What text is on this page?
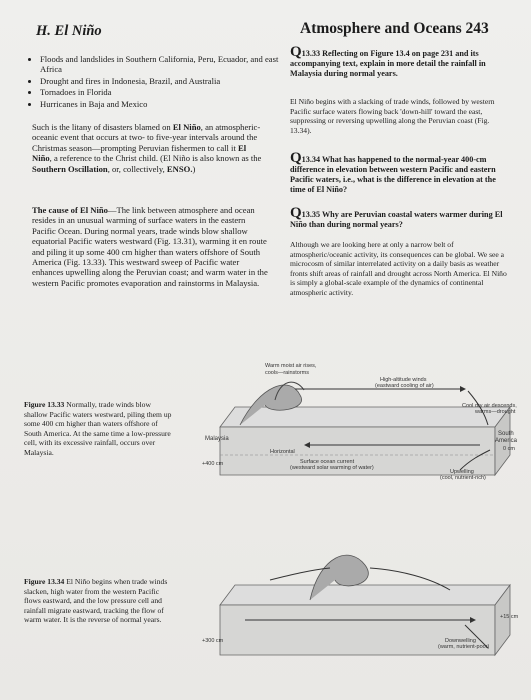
Atmosphere and Oceans 243
H. El Niño
• Floods and landslides in Southern California, Peru, Ecuador, and east Africa
• Drought and fires in Indonesia, Brazil, and Australia
• Tornadoes in Florida
• Hurricanes in Baja and Mexico
Such is the litany of disasters blamed on El Niño, an atmospheric-oceanic event that occurs at two- to five-year intervals around the Christmas season—prompting Peruvian fishermen to call it El Niño, a reference to the Christ child. (El Niño is also known as the Southern Oscillation, or, collectively, ENSO.)
The cause of El Niño—The link between atmosphere and ocean resides in an unusual warming of surface waters in the eastern Pacific Ocean. During normal years, trade winds blow shallow equatorial Pacific waters westward (Fig. 13.31), warming it en route and piling it up some 400 cm higher than waters offshore of South America (Fig. 13.33). This westward sweep of Pacific water enhances upwelling along the Peruvian coast; and warm water in the western Pacific promotes evaporation and rainstorms in Malaysia.
Q13.33 Reflecting on Figure 13.4 on page 231 and its accompanying text, explain in more detail the rainfall in Malaysia during normal years.
El Niño begins with a slacking of trade winds, followed by western Pacific surface waters flowing back 'down-hill' toward the east, suppressing or reversing upwelling along the Peruvian coast (Fig. 13.34).
Q13.34 What has happened to the normal-year 400-cm difference in elevation between western Pacific and eastern Pacific waters, i.e., what is the difference in elevation at the time of El Niño?
Q13.35 Why are Peruvian coastal waters warmer during El Niño than during normal years?
Although we are looking here at only a narrow belt of atmospheric/oceanic activity, its consequences can be global. We see a microcosm of similar interrelated activity on a daily basis as weather fronts shift areas of rainfall and drought across North America. El Niño is simply a global-scale example of the dynamics of continental atmospheric activity.
Figure 13.33 Normally, trade winds blow shallow Pacific waters westward, piling them up some 400 cm higher than waters offshore of South America. At the same time a low-pressure cell, with its excessive rainfall, occurs over Malaysia.
Figure 13.34 El Niño begins when trade winds slacken, high water from the western Pacific flows eastward, and the low pressure cell and rainfall migrate eastward, tracking the flow of warm water. It is the reverse of normal years.
Warm moist air rises,
cools—rainstorms
High-altitude winds
(eastward cooling of air)
Cool dry air descends,
warms—drought
Malaysia
South
America
0 cm
+400 cm
Horizontal
Surface ocean current
(westward solar warming of water)
Upwelling
(cool, nutrient-rich)
+15 cm
+300 cm	Downwelling
(warm, nutrient-poor)
